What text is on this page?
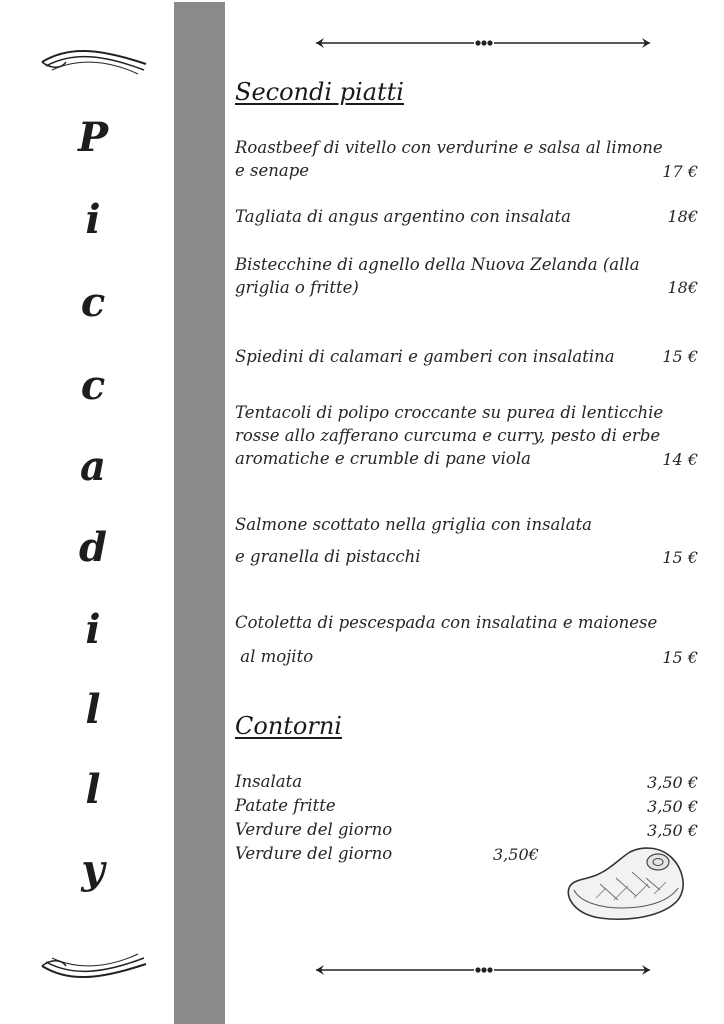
P
i
c
c
a
d
i
l
l
y
Secondi piatti
Roastbeef di vitello con verdurine e salsa al limone
e senape	17 €
Tagliata di angus argentino con insalata	18€
Bistecchine di agnello della Nuova Zelanda (alla
griglia o fritte)	18€
Spiedini di calamari e gamberi con insalatina	15 €
Tentacoli di polipo croccante su purea di lenticchie
rosse allo zafferano curcuma e curry, pesto di erbe
aromatiche e crumble di pane viola	14 €
Salmone scottato nella griglia con insalata
e granella di pistacchi	15 €
Cotoletta di pescespada con insalatina e maionese
al mojito	15 €
Contorni
Insalata	3,50 €
Patate fritte	3,50 €
Verdure del giorno	3,50 €
Verdure del giorno	3,50€
